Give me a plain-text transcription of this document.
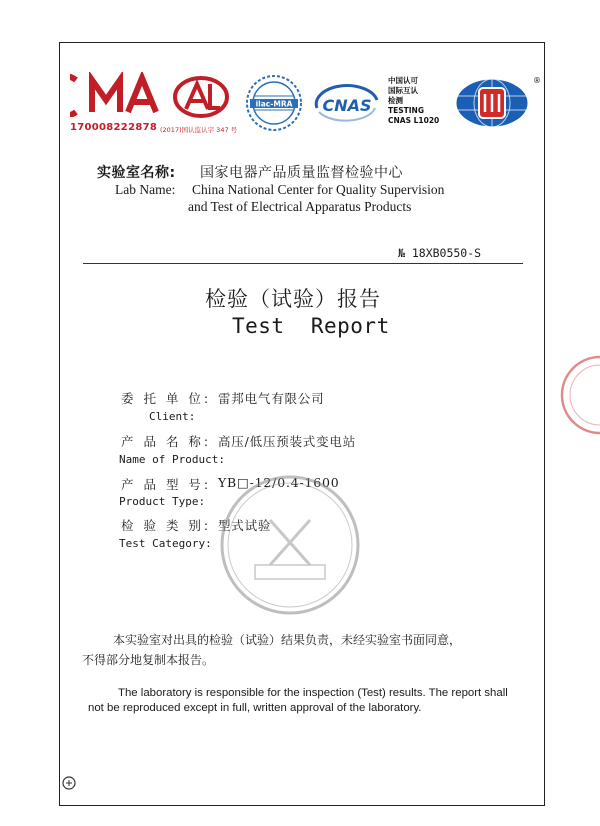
170008222878 (2017)国认监认字 347 号
ilac-MRA CNAS
中国认可
国际互认
检测
TESTING
CNAS L1020
®
实验室名称: 国家电器产品质量监督检验中心
Lab Name: China National Center for Quality Supervision
and Test of Electrical Apparatus Products
№ 18XB0550-S
检验（试验）报告
Test  Report
委 托 单 位: 雷邦电气有限公司
Client:
产 品 名 称: 高压/低压预装式变电站
Name of Product:
产 品 型 号: YB□-12/0.4-1600
Product Type:
检 验 类 别: 型式试验
Test Category:
本实验室对出具的检验（试验）结果负责，未经实验室书面同意，
不得部分地复制本报告。
The laboratory is responsible for the inspection (Test) results. The report shall
not be reproduced except in full, written approval of the laboratory.
